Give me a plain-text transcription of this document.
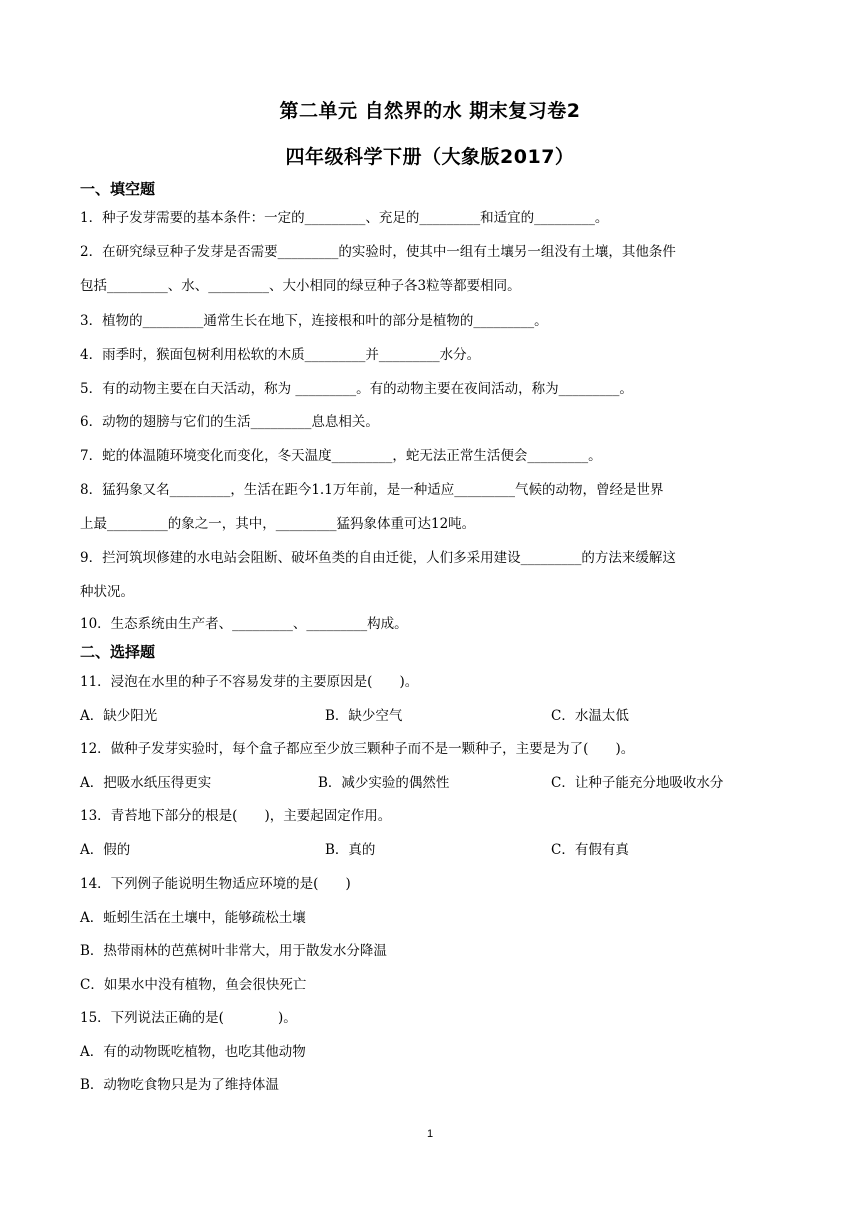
第二单元 自然界的水 期末复习卷2
四年级科学下册（大象版2017）
一、填空题
1．种子发芽需要的基本条件：一定的_________、充足的_________和适宜的_________。
2．在研究绿豆种子发芽是否需要_________的实验时，使其中一组有土壤另一组没有土壤，其他条件
包括_________、水、_________、大小相同的绿豆种子各3粒等都要相同。
3．植物的_________通常生长在地下，连接根和叶的部分是植物的_________。
4．雨季时，猴面包树利用松软的木质_________并_________水分。
5．有的动物主要在白天活动，称为 _________。有的动物主要在夜间活动，称为_________。
6．动物的翅膀与它们的生活_________息息相关。
7．蛇的体温随环境变化而变化，冬天温度_________，蛇无法正常生活便会_________。
8．猛犸象又名_________，生活在距今1.1万年前，是一种适应_________气候的动物，曾经是世界
上最_________的象之一，其中，_________猛犸象体重可达12吨。
9．拦河筑坝修建的水电站会阻断、破坏鱼类的自由迁徙，人们多采用建设_________的方法来缓解这
种状况。
10．生态系统由生产者、_________、_________构成。
二、选择题
11．浸泡在水里的种子不容易发芽的主要原因是(　　)。
A．缺少阳光	B．缺少空气	C．水温太低
12．做种子发芽实验时，每个盒子都应至少放三颗种子而不是一颗种子，主要是为了(　　)。
A．把吸水纸压得更实	B．减少实验的偶然性	C．让种子能充分地吸收水分
13．青苔地下部分的根是(　　)，主要起固定作用。
A．假的	B．真的	C．有假有真
14．下列例子能说明生物适应环境的是(　　)
A．蚯蚓生活在土壤中，能够疏松土壤
B．热带雨林的芭蕉树叶非常大，用于散发水分降温
C．如果水中没有植物，鱼会很快死亡
15．下列说法正确的是(　　　　)。
A．有的动物既吃植物，也吃其他动物
B．动物吃食物只是为了维持体温
1
